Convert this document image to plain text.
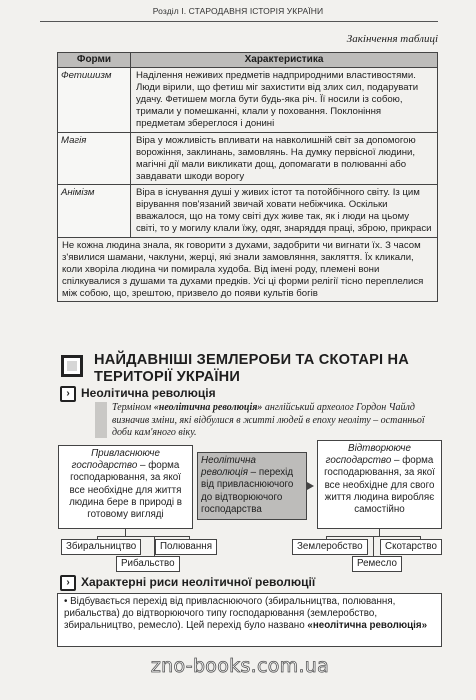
Розділ І. СТАРОДАВНЯ ІСТОРІЯ УКРАЇНИ
Закінчення таблиці
Форми	Характеристика
Фетишизм	Наділення неживих предметів надприродними властивостями. Люди вірили, що фетиш міг захистити від злих сил, подарувати удачу. Фетишем могла бути будь-яка річ. Її носили із собою, тримали у помешканні, клали у поховання. Поклоніння предметам збереглося і донині
Магія	Віра у можливість впливати на навколишній світ за допомогою ворожіння, заклинань, замовлянь. На думку первісної людини, магічні дії мали викликати дощ, допомагати в полюванні або завдавати шкоди ворогу
Анімізм	Віра в існування душі у живих істот та потойбічного світу. Із цим вірування пов'язаний звичай ховати небіжчика. Оскільки вважалося, що на тому світі дух живе так, як і люди на цьому світі, то у могилу клали їжу, одяг, знаряддя праці, зброю, прикраси
Не кожна людина знала, як говорити з духами, задобрити чи вигнати їх. З часом з'явилися шамани, чаклуни, жерці, які знали замовляння, закляття. Їх кликали, коли хворіла людина чи помирала худоба. Від імені роду, племені вони спілкувалися з душами та духами предків. Усі ці форми релігії тісно переплелися між собою, що, зрештою, призвело до появи культів богів	
НАЙДАВНІШІ ЗЕМЛЕРОБИ ТА СКОТАРІ НА ТЕРИТОРІЇ УКРАЇНИ
› Неолітична революція
Терміном «неолітична революція» англійський археолог Гордон Чайлд визначив зміни, які відбулися в житті людей в епоху неоліту – останньої доби кам'яного віку.
Привласнююче господарство – форма господарювання, за якої все необхідне для життя людина бере в природі в готовому вигляді
Неолітична революція – перехід від привласнюючого до відтворюючого господарства
Відтворююче господарство – форма господарювання, за якої все необхідне для свого життя людина виробляє самостійно
Збиральництво	Полювання
Рибальство
Землеробство	Скотарство
Ремесло
› Характерні риси неолітичної революції
• Відбувається перехід від привласнюючого (збиральництва, полювання, рибальства) до відтворюючого типу господарювання (землеробство, збиральництво, ремесло). Цей перехід було названо «неолітична революція»
zno-books.com.ua
